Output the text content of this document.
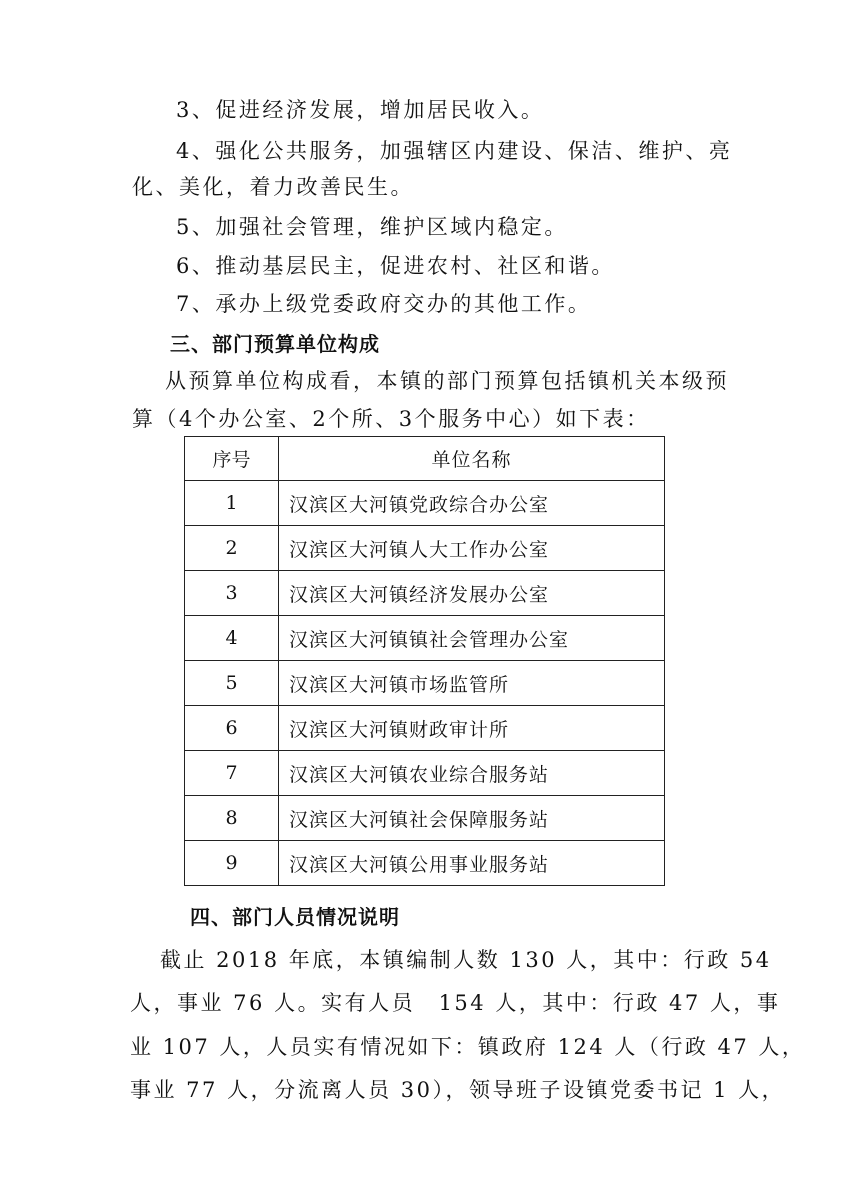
3、促进经济发展，增加居民收入。
4、强化公共服务，加强辖区内建设、保洁、维护、亮
化、美化，着力改善民生。
5、加强社会管理，维护区域内稳定。
6、推动基层民主，促进农村、社区和谐。
7、承办上级党委政府交办的其他工作。
三、部门预算单位构成
从预算单位构成看，本镇的部门预算包括镇机关本级预
算（4个办公室、2个所、3个服务中心）如下表：
序号	单位名称
1	汉滨区大河镇党政综合办公室
2	汉滨区大河镇人大工作办公室
3	汉滨区大河镇经济发展办公室
4	汉滨区大河镇镇社会管理办公室
5	汉滨区大河镇市场监管所
6	汉滨区大河镇财政审计所
7	汉滨区大河镇农业综合服务站
8	汉滨区大河镇社会保障服务站
9	汉滨区大河镇公用事业服务站
四、部门人员情况说明
截止 2018 年底，本镇编制人数 130 人，其中：行政 54
人，事业 76 人。实有人员　154 人，其中：行政 47 人，事
业 107 人，人员实有情况如下：镇政府 124 人（行政 47 人，
事业 77 人，分流离人员 30），领导班子设镇党委书记 1 人，
